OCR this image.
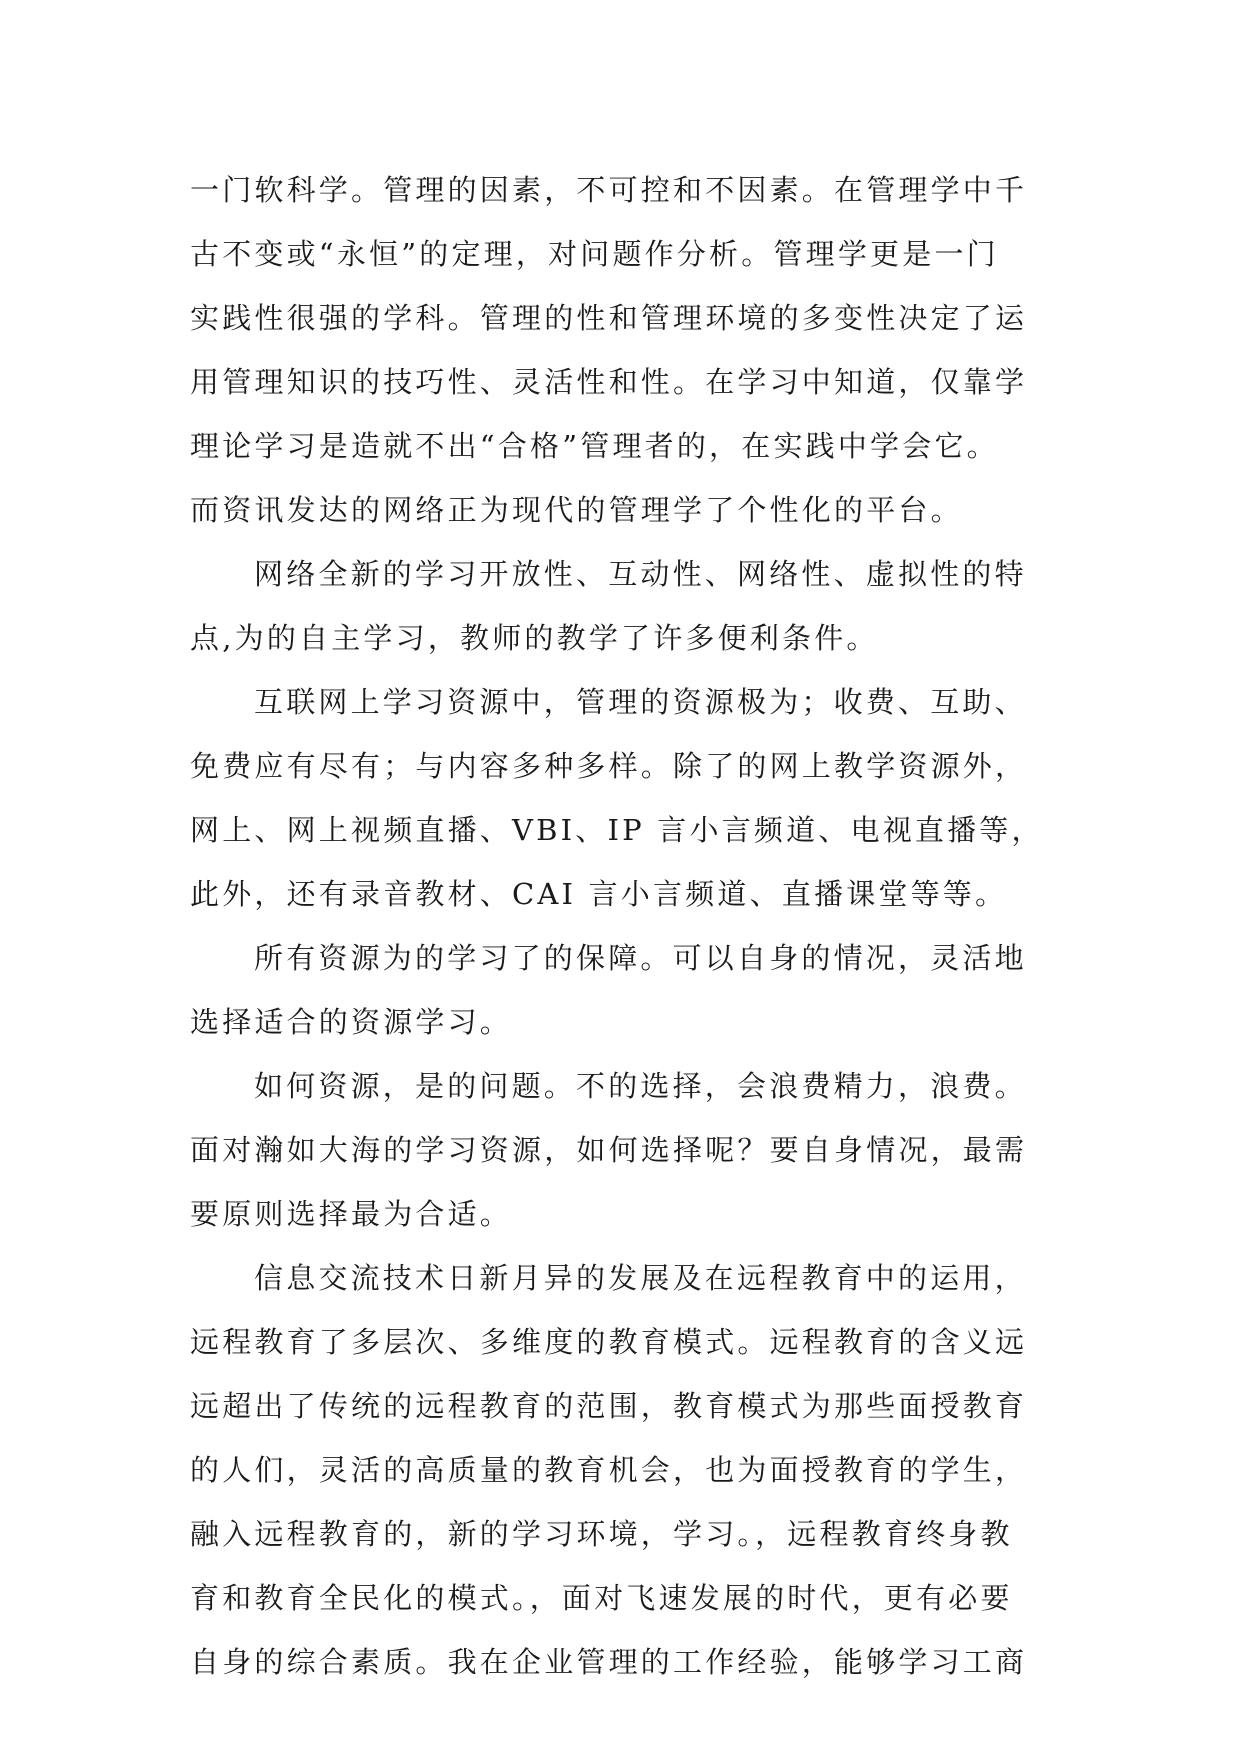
一门软科学。管理的因素，不可控和不因素。在管理学中千
古不变或“永恒”的定理，对问题作分析。管理学更是一门
实践性很强的学科。管理的性和管理环境的多变性决定了运
用管理知识的技巧性、灵活性和性。在学习中知道，仅靠学
理论学习是造就不出“合格”管理者的，在实践中学会它。
而资讯发达的网络正为现代的管理学了个性化的平台。
网络全新的学习开放性、互动性、网络性、虚拟性的特
点,为的自主学习，教师的教学了许多便利条件。
互联网上学习资源中，管理的资源极为；收费、互助、
免费应有尽有；与内容多种多样。除了的网上教学资源外，
网上、网上视频直播、VBI、IP 言小言频道、电视直播等，
此外，还有录音教材、CAI 言小言频道、直播课堂等等。
所有资源为的学习了的保障。可以自身的情况，灵活地
选择适合的资源学习。
如何资源，是的问题。不的选择，会浪费精力，浪费。
面对瀚如大海的学习资源，如何选择呢？要自身情况，最需
要原则选择最为合适。
信息交流技术日新月异的发展及在远程教育中的运用，
远程教育了多层次、多维度的教育模式。远程教育的含义远
远超出了传统的远程教育的范围，教育模式为那些面授教育
的人们，灵活的高质量的教育机会，也为面授教育的学生，
融入远程教育的，新的学习环境，学习。，远程教育终身教
育和教育全民化的模式。，面对飞速发展的时代，更有必要
自身的综合素质。我在企业管理的工作经验，能够学习工商
